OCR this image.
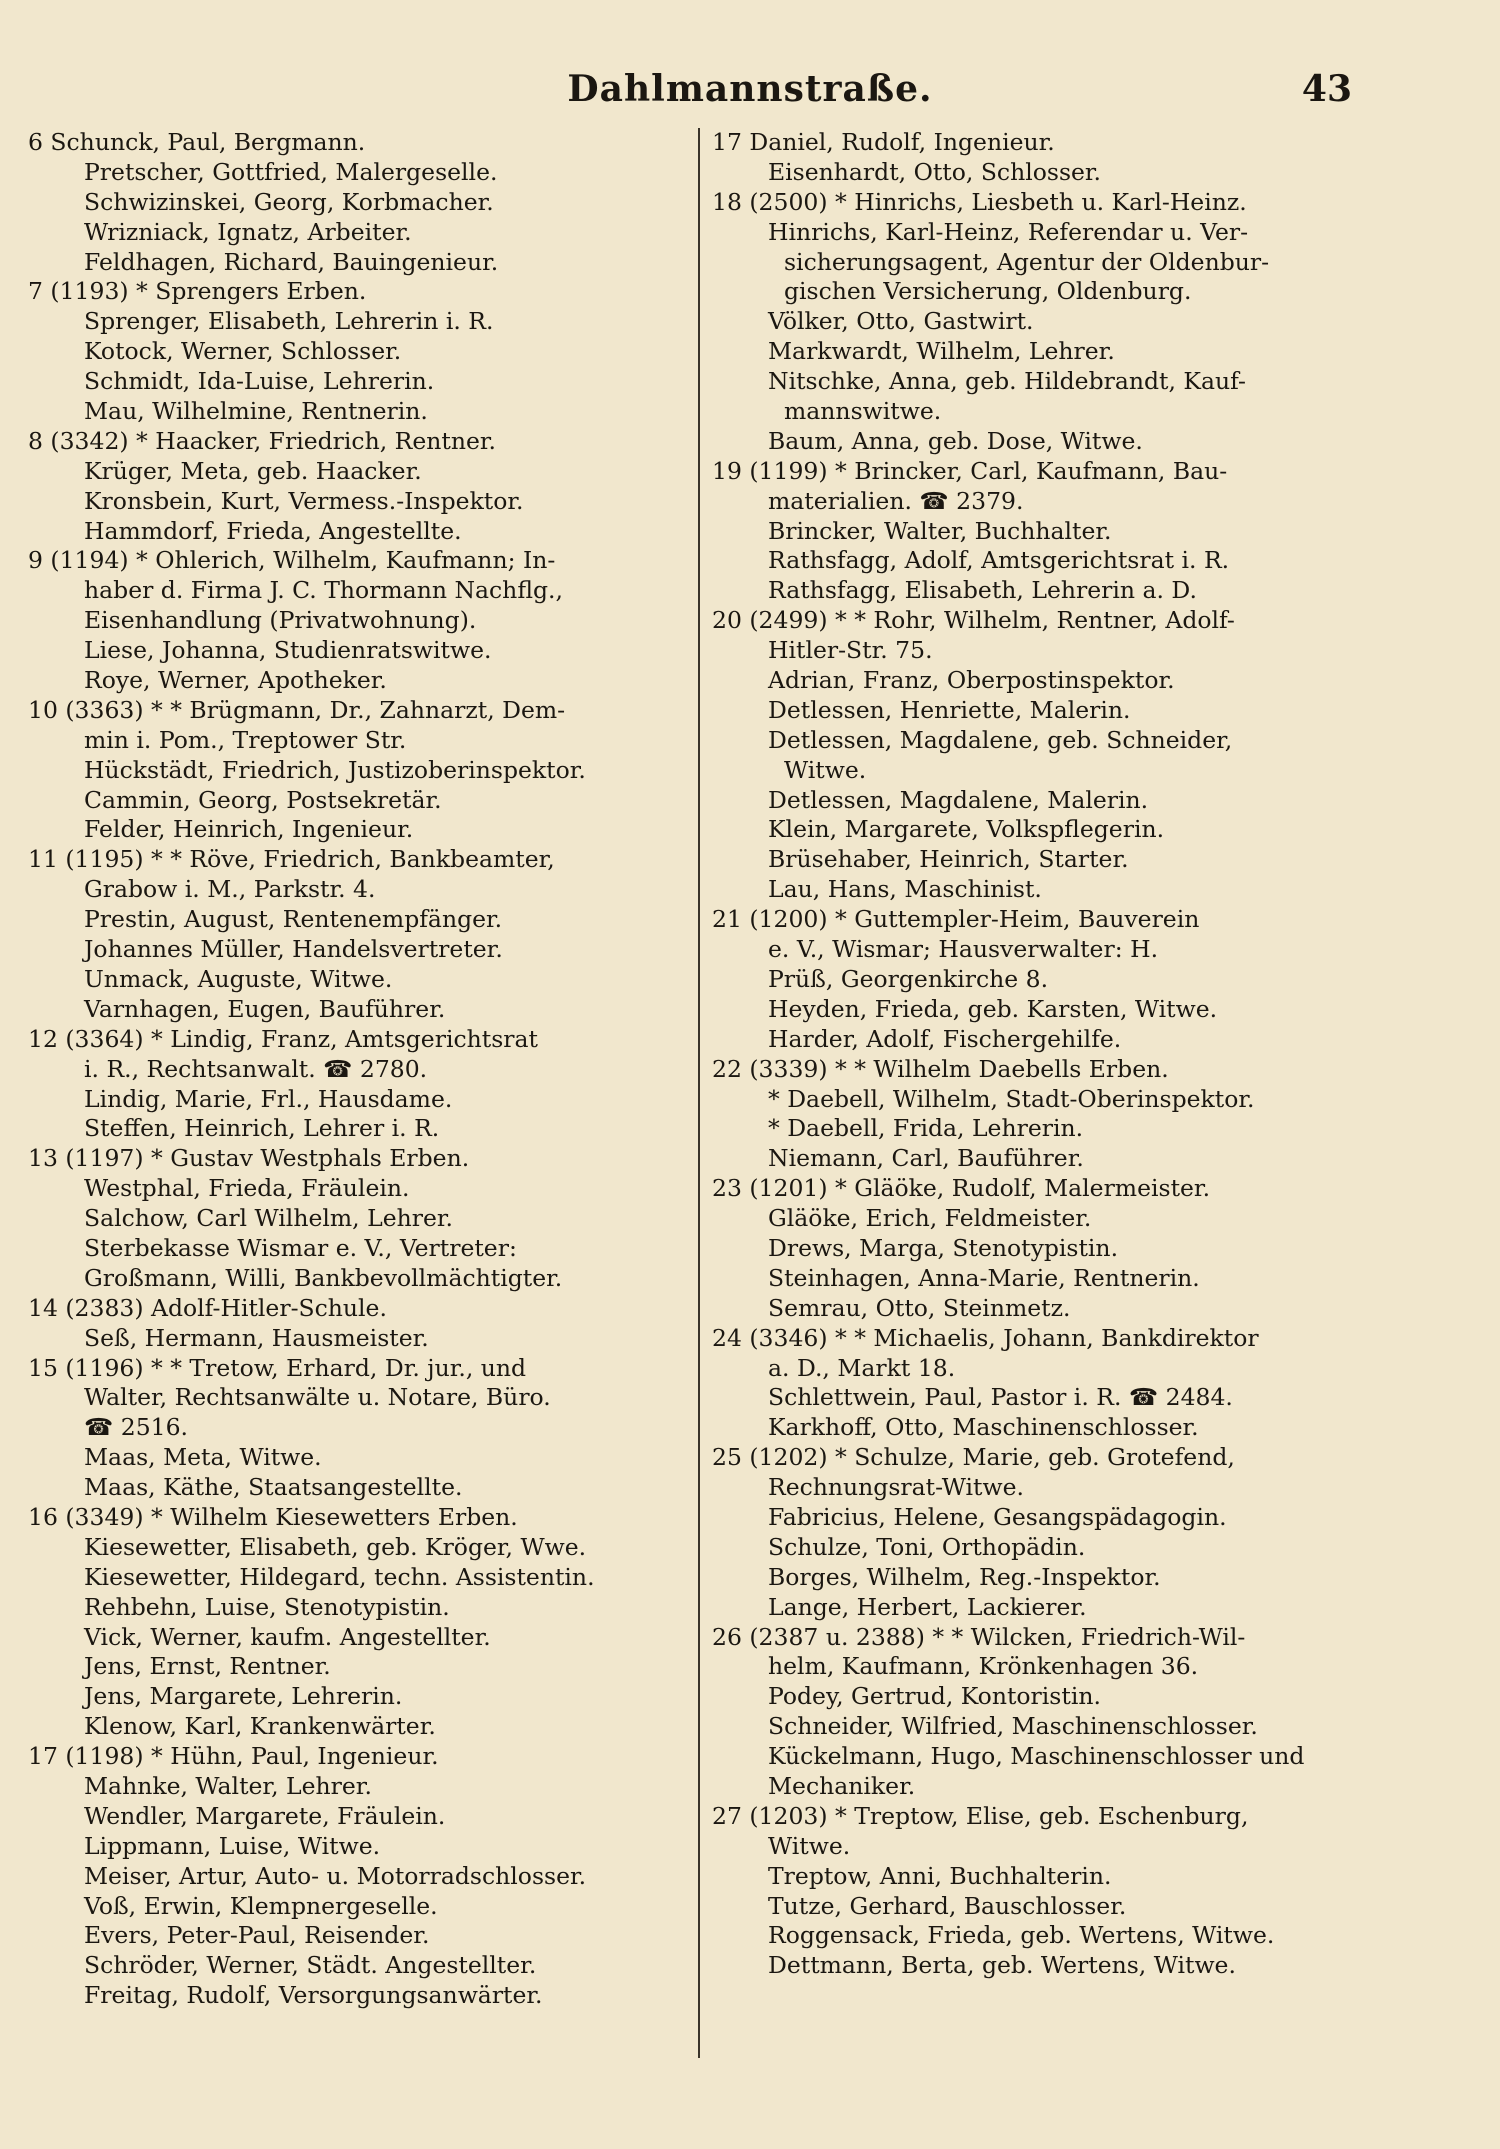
Dahlmannstraße.	43
6 Schunck, Paul, Bergmann.
Pretscher, Gottfried, Malergeselle.
Schwizinskei, Georg, Korbmacher.
Wrizniack, Ignatz, Arbeiter.
Feldhagen, Richard, Bauingenieur.
7 (1193) * Sprengers Erben.
Sprenger, Elisabeth, Lehrerin i. R.
Kotock, Werner, Schlosser.
Schmidt, Ida-Luise, Lehrerin.
Mau, Wilhelmine, Rentnerin.
8 (3342) * Haacker, Friedrich, Rentner.
Krüger, Meta, geb. Haacker.
Kronsbein, Kurt, Vermess.-Inspektor.
Hammdorf, Frieda, Angestellte.
9 (1194) * Ohlerich, Wilhelm, Kaufmann; In-
haber d. Firma J. C. Thormann Nachflg.,
Eisenhandlung (Privatwohnung).
Liese, Johanna, Studienratswitwe.
Roye, Werner, Apotheker.
10 (3363) * * Brügmann, Dr., Zahnarzt, Dem-
min i. Pom., Treptower Str.
Hückstädt, Friedrich, Justizoberinspektor.
Cammin, Georg, Postsekretär.
Felder, Heinrich, Ingenieur.
11 (1195) * * Röve, Friedrich, Bankbeamter,
Grabow i. M., Parkstr. 4.
Prestin, August, Rentenempfänger.
Johannes Müller, Handelsvertreter.
Unmack, Auguste, Witwe.
Varnhagen, Eugen, Bauführer.
12 (3364) * Lindig, Franz, Amtsgerichtsrat
i. R., Rechtsanwalt. ☎ 2780.
Lindig, Marie, Frl., Hausdame.
Steffen, Heinrich, Lehrer i. R.
13 (1197) * Gustav Westphals Erben.
Westphal, Frieda, Fräulein.
Salchow, Carl Wilhelm, Lehrer.
Sterbekasse Wismar e. V., Vertreter:
Großmann, Willi, Bankbevollmächtigter.
14 (2383) Adolf-Hitler-Schule.
Seß, Hermann, Hausmeister.
15 (1196) * * Tretow, Erhard, Dr. jur., und
Walter, Rechtsanwälte u. Notare, Büro.
☎ 2516.
Maas, Meta, Witwe.
Maas, Käthe, Staatsangestellte.
16 (3349) * Wilhelm Kiesewetters Erben.
Kiesewetter, Elisabeth, geb. Kröger, Wwe.
Kiesewetter, Hildegard, techn. Assistentin.
Rehbehn, Luise, Stenotypistin.
Vick, Werner, kaufm. Angestellter.
Jens, Ernst, Rentner.
Jens, Margarete, Lehrerin.
Klenow, Karl, Krankenwärter.
17 (1198) * Hühn, Paul, Ingenieur.
Mahnke, Walter, Lehrer.
Wendler, Margarete, Fräulein.
Lippmann, Luise, Witwe.
Meiser, Artur, Auto- u. Motorradschlosser.
Voß, Erwin, Klempnergeselle.
Evers, Peter-Paul, Reisender.
Schröder, Werner, Städt. Angestellter.
Freitag, Rudolf, Versorgungsanwärter.
17 Daniel, Rudolf, Ingenieur.
Eisenhardt, Otto, Schlosser.
18 (2500) * Hinrichs, Liesbeth u. Karl-Heinz.
Hinrichs, Karl-Heinz, Referendar u. Ver-
sicherungsagent, Agentur der Oldenbur-
gischen Versicherung, Oldenburg.
Völker, Otto, Gastwirt.
Markwardt, Wilhelm, Lehrer.
Nitschke, Anna, geb. Hildebrandt, Kauf-
mannswitwe.
Baum, Anna, geb. Dose, Witwe.
19 (1199) * Brincker, Carl, Kaufmann, Bau-
materialien. ☎ 2379.
Brincker, Walter, Buchhalter.
Rathsfagg, Adolf, Amtsgerichtsrat i. R.
Rathsfagg, Elisabeth, Lehrerin a. D.
20 (2499) * * Rohr, Wilhelm, Rentner, Adolf-
Hitler-Str. 75.
Adrian, Franz, Oberpostinspektor.
Detlessen, Henriette, Malerin.
Detlessen, Magdalene, geb. Schneider,
Witwe.
Detlessen, Magdalene, Malerin.
Klein, Margarete, Volkspflegerin.
Brüsehaber, Heinrich, Starter.
Lau, Hans, Maschinist.
21 (1200) * Guttempler-Heim, Bauverein
e. V., Wismar; Hausverwalter: H.
Prüß, Georgenkirche 8.
Heyden, Frieda, geb. Karsten, Witwe.
Harder, Adolf, Fischergehilfe.
22 (3339) * * Wilhelm Daebells Erben.
* Daebell, Wilhelm, Stadt-Oberinspektor.
* Daebell, Frida, Lehrerin.
Niemann, Carl, Bauführer.
23 (1201) * Gläöke, Rudolf, Malermeister.
Gläöke, Erich, Feldmeister.
Drews, Marga, Stenotypistin.
Steinhagen, Anna-Marie, Rentnerin.
Semrau, Otto, Steinmetz.
24 (3346) * * Michaelis, Johann, Bankdirektor
a. D., Markt 18.
Schlettwein, Paul, Pastor i. R. ☎ 2484.
Karkhoff, Otto, Maschinenschlosser.
25 (1202) * Schulze, Marie, geb. Grotefend,
Rechnungsrat-Witwe.
Fabricius, Helene, Gesangspädagogin.
Schulze, Toni, Orthopädin.
Borges, Wilhelm, Reg.-Inspektor.
Lange, Herbert, Lackierer.
26 (2387 u. 2388) * * Wilcken, Friedrich-Wil-
helm, Kaufmann, Krönkenhagen 36.
Podey, Gertrud, Kontoristin.
Schneider, Wilfried, Maschinenschlosser.
Kückelmann, Hugo, Maschinenschlosser und
Mechaniker.
27 (1203) * Treptow, Elise, geb. Eschenburg,
Witwe.
Treptow, Anni, Buchhalterin.
Tutze, Gerhard, Bauschlosser.
Roggensack, Frieda, geb. Wertens, Witwe.
Dettmann, Berta, geb. Wertens, Witwe.
